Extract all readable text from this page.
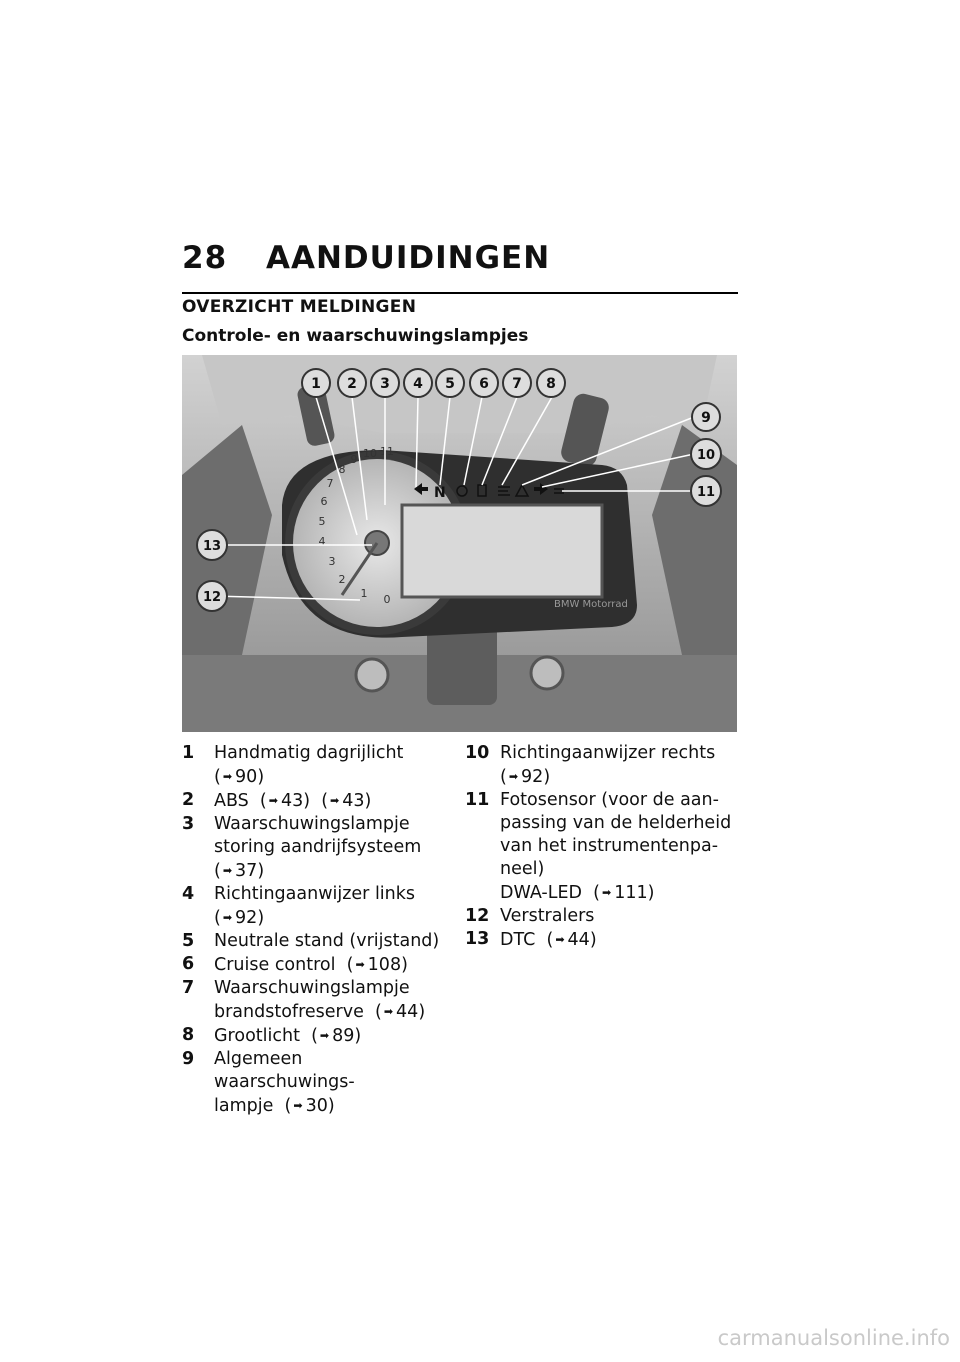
28 AANDUIDINGEN
OVERZICHT MELDINGEN
Controle- en waarschuwingslampjes
0
1
2
3
4
5
6
7
8
9 10 11
N
BMW Motorrad
1 2 3 4 5 6 7 8
9
10
11
12
13
1 Handmatig dagrijlicht
( ➡ 90)
2 ABS ( ➡ 43) ( ➡ 43)
3 Waarschuwingslampje
storing aandrijfsysteem
( ➡ 37)
4 Richtingaanwijzer links
( ➡ 92)
5 Neutrale stand (vrijstand)
6 Cruise control ( ➡ 108)
7 Waarschuwingslampje
brandstofreserve ( ➡ 44)
8 Grootlicht ( ➡ 89)
9 Algemeen waarschuwings-
lampje ( ➡ 30)
10 Richtingaanwijzer rechts
( ➡ 92)
11 Fotosensor (voor de aan-
passing van de helderheid
van het instrumentenpa-
neel)
DWA-LED ( ➡ 111)
12 Verstralers
13 DTC ( ➡ 44)
carmanualsonline.info
